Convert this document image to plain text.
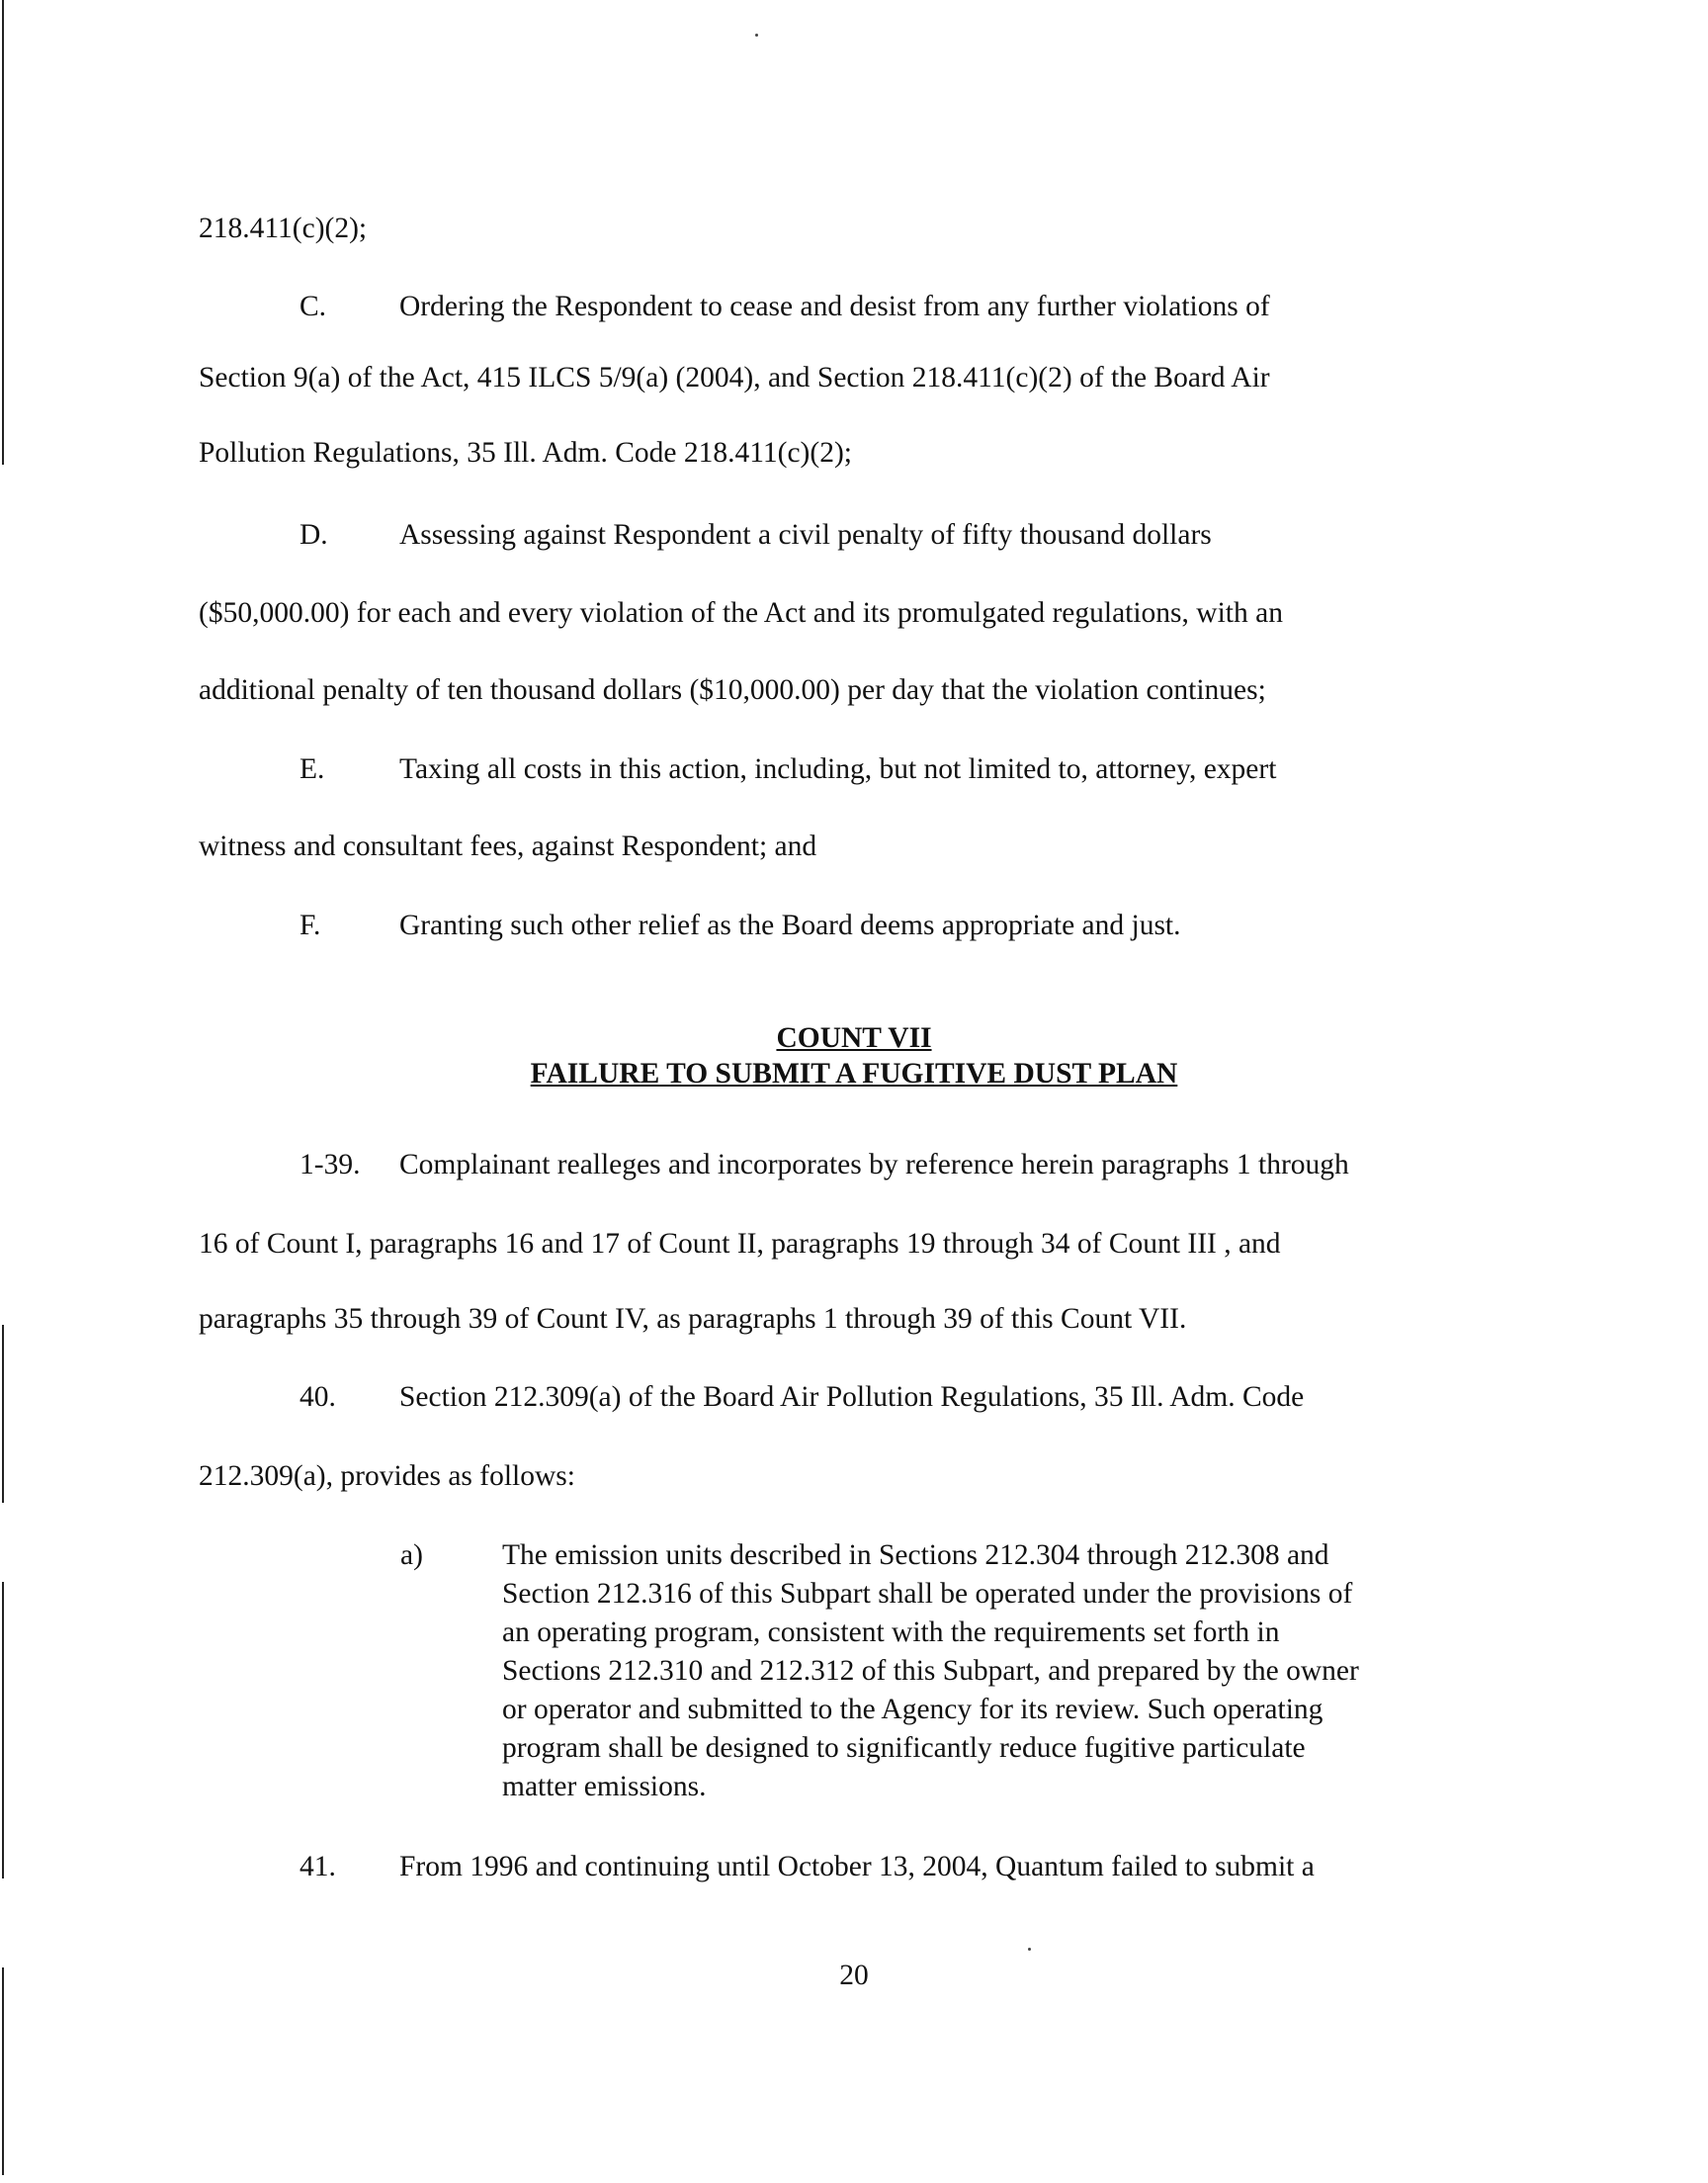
218.411(c)(2);
C.	Ordering the Respondent to cease and desist from any further violations of
Section 9(a) of the Act, 415 ILCS 5/9(a) (2004), and Section 218.411(c)(2) of the Board Air
Pollution Regulations, 35 Ill. Adm. Code 218.411(c)(2);
D. Assessing against Respondent a civil penalty of fifty thousand dollars
($50,000.00) for each and every violation of the Act and its promulgated regulations, with an
additional penalty of ten thousand dollars ($10,000.00) per day that the violation continues;
E.	Taxing all costs in this action, including, but not limited to, attorney, expert
witness and consultant fees, against Respondent; and
F.	Granting such other relief as the Board deems appropriate and just.
COUNT VII
FAILURE TO SUBMIT A FUGITIVE DUST PLAN
1-39. Complainant realleges and incorporates by reference herein paragraphs 1 through
16 of Count I, paragraphs 16 and 17 of Count II, paragraphs 19 through 34 of Count III , and
paragraphs 35 through 39 of Count IV, as paragraphs 1 through 39 of this Count VII.
40. Section 212.309(a) of the Board Air Pollution Regulations, 35 Ill. Adm. Code
212.309(a), provides as follows:
a)	The emission units described in Sections 212.304 through 212.308 and
Section 212.316 of this Subpart shall be operated under the provisions of
an operating program, consistent with the requirements set forth in
Sections 212.310 and 212.312 of this Subpart, and prepared by the owner
or operator and submitted to the Agency for its review. Such operating
program shall be designed to significantly reduce fugitive particulate
matter emissions.
41. From 1996 and continuing until October 13, 2004, Quantum failed to submit a
20
